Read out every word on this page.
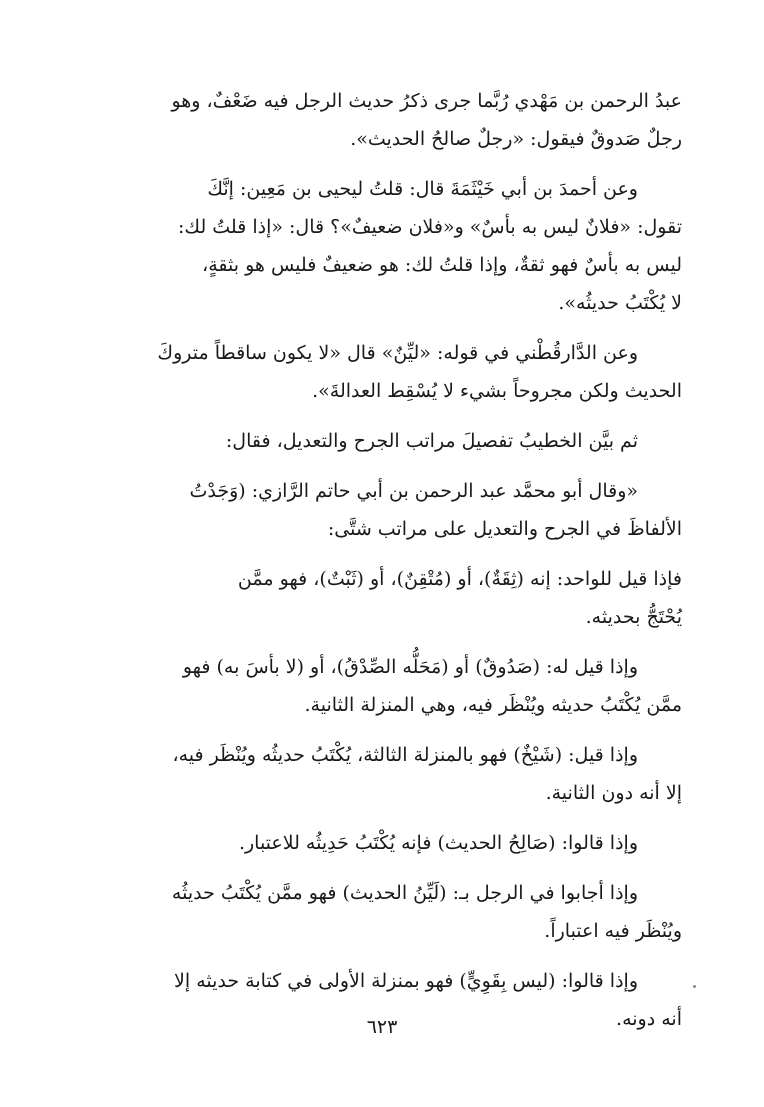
عبدُ الرحمن بن مَهْدي رُبَّما جرى ذكرُ حديث الرجل فيه ضَعْفٌ، وهو
رجلٌ صَدوقٌ فيقول: «رجلٌ صالحُ الحديث».

وعن أحمدَ بن أبي خَيْثَمَةَ قال: قلتُ ليحيى بن مَعِين: إنَّكَ
تقول: «فلانٌ ليس به بأسٌ» و«فلان ضعيفٌ»؟ قال: «إذا قلتُ لك:
ليس به بأسٌ فهو ثقةٌ، وإذا قلتُ لك: هو ضعيفٌ فليس هو بثقةٍ،
لا يُكْتَبُ حديثُه».

وعن الدَّارقُطْني في قوله: «ليِّنٌ» قال «لا يكون ساقطاً متروكَ
الحديث ولكن مجروحاً بشيء لا يُسْقِط العدالةَ».

ثم بيَّن الخطيبُ تفصيلَ مراتب الجرح والتعديل، فقال:

«وقال أبو محمَّد عبد الرحمن بن أبي حاتم الرَّازي: (وَجَدْتُ
الألفاظَ في الجرح والتعديل على مراتب شتَّى:

فإذا قيل للواحد: إنه (ثِقَةٌ)، أو (مُتْقِنٌ)، أو (ثَبْتٌ)، فهو ممَّن
يُحْتَجُّ بحديثه.

وإذا قيل له: (صَدُوقٌ) أو (مَحَلُّه الصِّدْقُ)، أو (لا بأسَ به) فهو
ممَّن يُكْتَبُ حديثه ويُنْظَر فيه، وهي المنزلة الثانية.

وإذا قيل: (شَيْخٌ) فهو بالمنزلة الثالثة، يُكْتَبُ حديثُه ويُنْظَر فيه،
إلا أنه دون الثانية.

وإذا قالوا: (صَالِحُ الحديث) فإنه يُكْتَبُ حَدِيثُه للاعتبار.

وإذا أجابوا في الرجل بـ: (لَيِّنُ الحديث) فهو ممَّن يُكْتَبُ حديثُه
ويُنْظَر فيه اعتباراً.

وإذا قالوا: (ليس بِقَوِيٍّ) فهو بمنزلة الأولى في كتابة حديثه إلا
أنه دونه.

٦٢٣
